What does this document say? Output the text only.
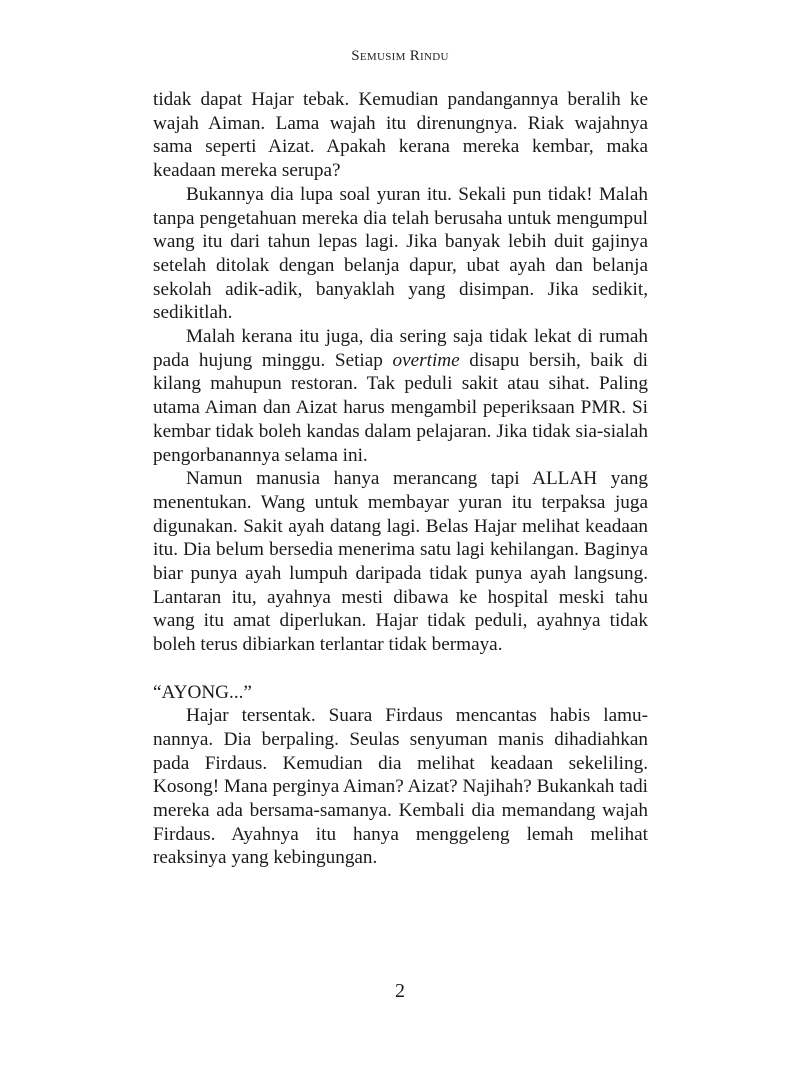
Semusim Rindu

tidak dapat Hajar tebak. Kemudian pandangannya beralih ke wajah Aiman. Lama wajah itu direnungnya. Riak wajahnya sama seperti Aizat. Apakah kerana mereka kembar, maka keadaan mereka serupa?

Bukannya dia lupa soal yuran itu. Sekali pun tidak! Malah tanpa pengetahuan mereka dia telah berusaha untuk mengumpul wang itu dari tahun lepas lagi. Jika banyak lebih duit gajinya setelah ditolak dengan belanja dapur, ubat ayah dan belanja sekolah adik-adik, banyaklah yang disimpan. Jika sedikit, sedikitlah.

Malah kerana itu juga, dia sering saja tidak lekat di rumah pada hujung minggu. Setiap overtime disapu bersih, baik di kilang mahupun restoran. Tak peduli sakit atau sihat. Paling utama Aiman dan Aizat harus mengambil peperiksaan PMR. Si kembar tidak boleh kandas dalam pelajaran. Jika tidak sia-sialah pengorbanannya selama ini.

Namun manusia hanya merancang tapi ALLAH yang menentukan. Wang untuk membayar yuran itu terpaksa juga digunakan. Sakit ayah datang lagi. Belas Hajar melihat keadaan itu. Dia belum bersedia menerima satu lagi kehilangan. Baginya biar punya ayah lumpuh daripada tidak punya ayah langsung. Lantaran itu, ayahnya mesti dibawa ke hospital meski tahu wang itu amat diperlukan. Hajar tidak peduli, ayahnya tidak boleh terus dibiarkan terlantar tidak bermaya.

“AYONG...”

Hajar tersentak. Suara Firdaus mencantas habis lamunannya. Dia berpaling. Seulas senyuman manis dihadiahkan pada Firdaus. Kemudian dia melihat keadaan sekeliling. Kosong! Mana perginya Aiman? Aizat? Najihah? Bukankah tadi mereka ada bersama-samanya. Kembali dia memandang wajah Firdaus. Ayahnya itu hanya menggeleng lemah melihat reaksinya yang kebingungan.

2
